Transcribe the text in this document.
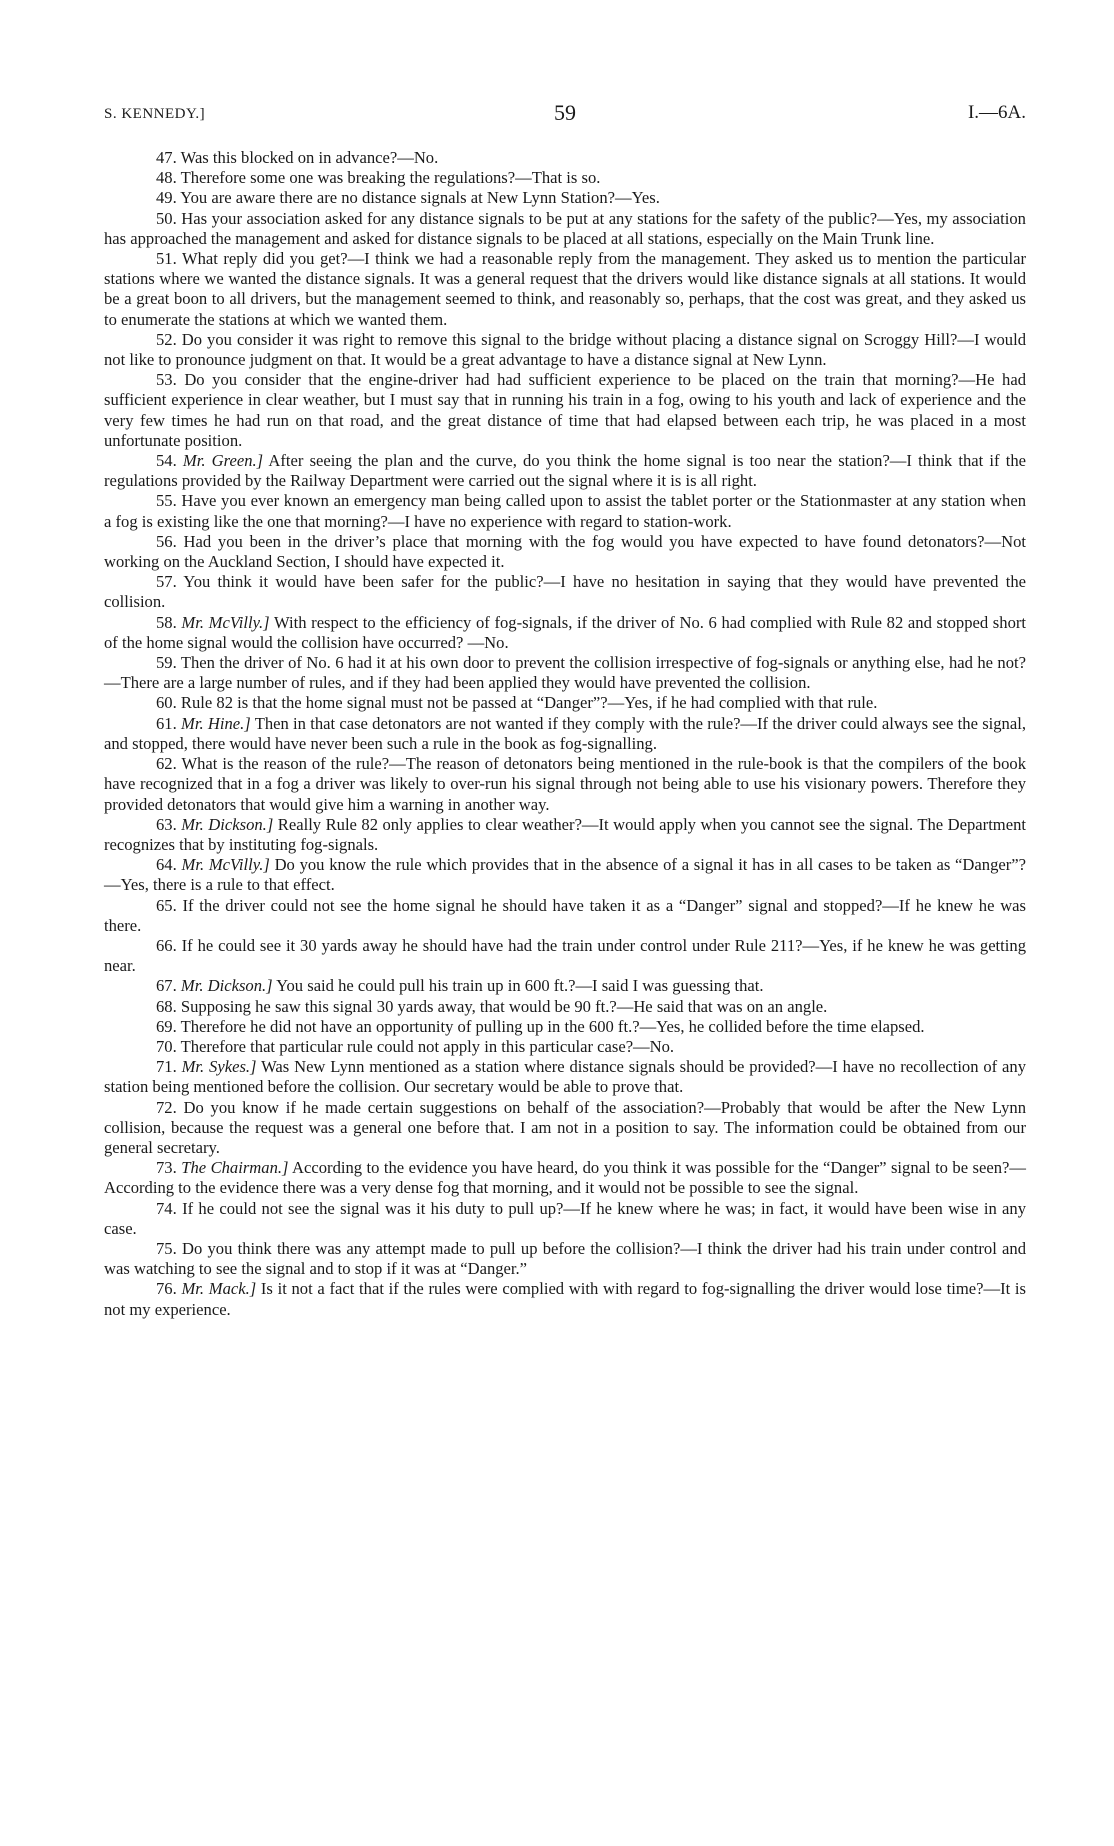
S. KENNEDY.]	59	I.—6A.

47. Was this blocked on in advance?—No.

48. Therefore some one was breaking the regulations?—That is so.

49. You are aware there are no distance signals at New Lynn Station?—Yes.

50. Has your association asked for any distance signals to be put at any stations for the safety of the public?—Yes, my association has approached the management and asked for distance signals to be placed at all stations, especially on the Main Trunk line.

51. What reply did you get?—I think we had a reasonable reply from the management. They asked us to mention the particular stations where we wanted the distance signals. It was a general request that the drivers would like distance signals at all stations. It would be a great boon to all drivers, but the management seemed to think, and reasonably so, perhaps, that the cost was great, and they asked us to enumerate the stations at which we wanted them.

52. Do you consider it was right to remove this signal to the bridge without placing a distance signal on Scroggy Hill?—I would not like to pronounce judgment on that. It would be a great advantage to have a distance signal at New Lynn.

53. Do you consider that the engine-driver had had sufficient experience to be placed on the train that morning?—He had sufficient experience in clear weather, but I must say that in running his train in a fog, owing to his youth and lack of experience and the very few times he had run on that road, and the great distance of time that had elapsed between each trip, he was placed in a most unfortunate position.

54. Mr. Green.] After seeing the plan and the curve, do you think the home signal is too near the station?—I think that if the regulations provided by the Railway Department were carried out the signal where it is is all right.

55. Have you ever known an emergency man being called upon to assist the tablet porter or the Stationmaster at any station when a fog is existing like the one that morning?—I have no experience with regard to station-work.

56. Had you been in the driver’s place that morning with the fog would you have expected to have found detonators?—Not working on the Auckland Section, I should have expected it.

57. You think it would have been safer for the public?—I have no hesitation in saying that they would have prevented the collision.

58. Mr. McVilly.] With respect to the efficiency of fog-signals, if the driver of No. 6 had complied with Rule 82 and stopped short of the home signal would the collision have occurred? —No.

59. Then the driver of No. 6 had it at his own door to prevent the collision irrespective of fog-signals or anything else, had he not?—There are a large number of rules, and if they had been applied they would have prevented the collision.

60. Rule 82 is that the home signal must not be passed at “Danger”?—Yes, if he had complied with that rule.

61. Mr. Hine.] Then in that case detonators are not wanted if they comply with the rule?—If the driver could always see the signal, and stopped, there would have never been such a rule in the book as fog-signalling.

62. What is the reason of the rule?—The reason of detonators being mentioned in the rule-book is that the compilers of the book have recognized that in a fog a driver was likely to over-run his signal through not being able to use his visionary powers. Therefore they provided detonators that would give him a warning in another way.

63. Mr. Dickson.] Really Rule 82 only applies to clear weather?—It would apply when you cannot see the signal. The Department recognizes that by instituting fog-signals.

64. Mr. McVilly.] Do you know the rule which provides that in the absence of a signal it has in all cases to be taken as “Danger”?—Yes, there is a rule to that effect.

65. If the driver could not see the home signal he should have taken it as a “Danger” signal and stopped?—If he knew he was there.

66. If he could see it 30 yards away he should have had the train under control under Rule 211?—Yes, if he knew he was getting near.

67. Mr. Dickson.] You said he could pull his train up in 600 ft.?—I said I was guessing that.

68. Supposing he saw this signal 30 yards away, that would be 90 ft.?—He said that was on an angle.

69. Therefore he did not have an opportunity of pulling up in the 600 ft.?—Yes, he collided before the time elapsed.

70. Therefore that particular rule could not apply in this particular case?—No.

71. Mr. Sykes.] Was New Lynn mentioned as a station where distance signals should be provided?—I have no recollection of any station being mentioned before the collision. Our secretary would be able to prove that.

72. Do you know if he made certain suggestions on behalf of the association?—Probably that would be after the New Lynn collision, because the request was a general one before that. I am not in a position to say. The information could be obtained from our general secretary.

73. The Chairman.] According to the evidence you have heard, do you think it was possible for the “Danger” signal to be seen?—According to the evidence there was a very dense fog that morning, and it would not be possible to see the signal.

74. If he could not see the signal was it his duty to pull up?—If he knew where he was; in fact, it would have been wise in any case.

75. Do you think there was any attempt made to pull up before the collision?—I think the driver had his train under control and was watching to see the signal and to stop if it was at “Danger.”

76. Mr. Mack.] Is it not a fact that if the rules were complied with with regard to fog-signalling the driver would lose time?—It is not my experience.
